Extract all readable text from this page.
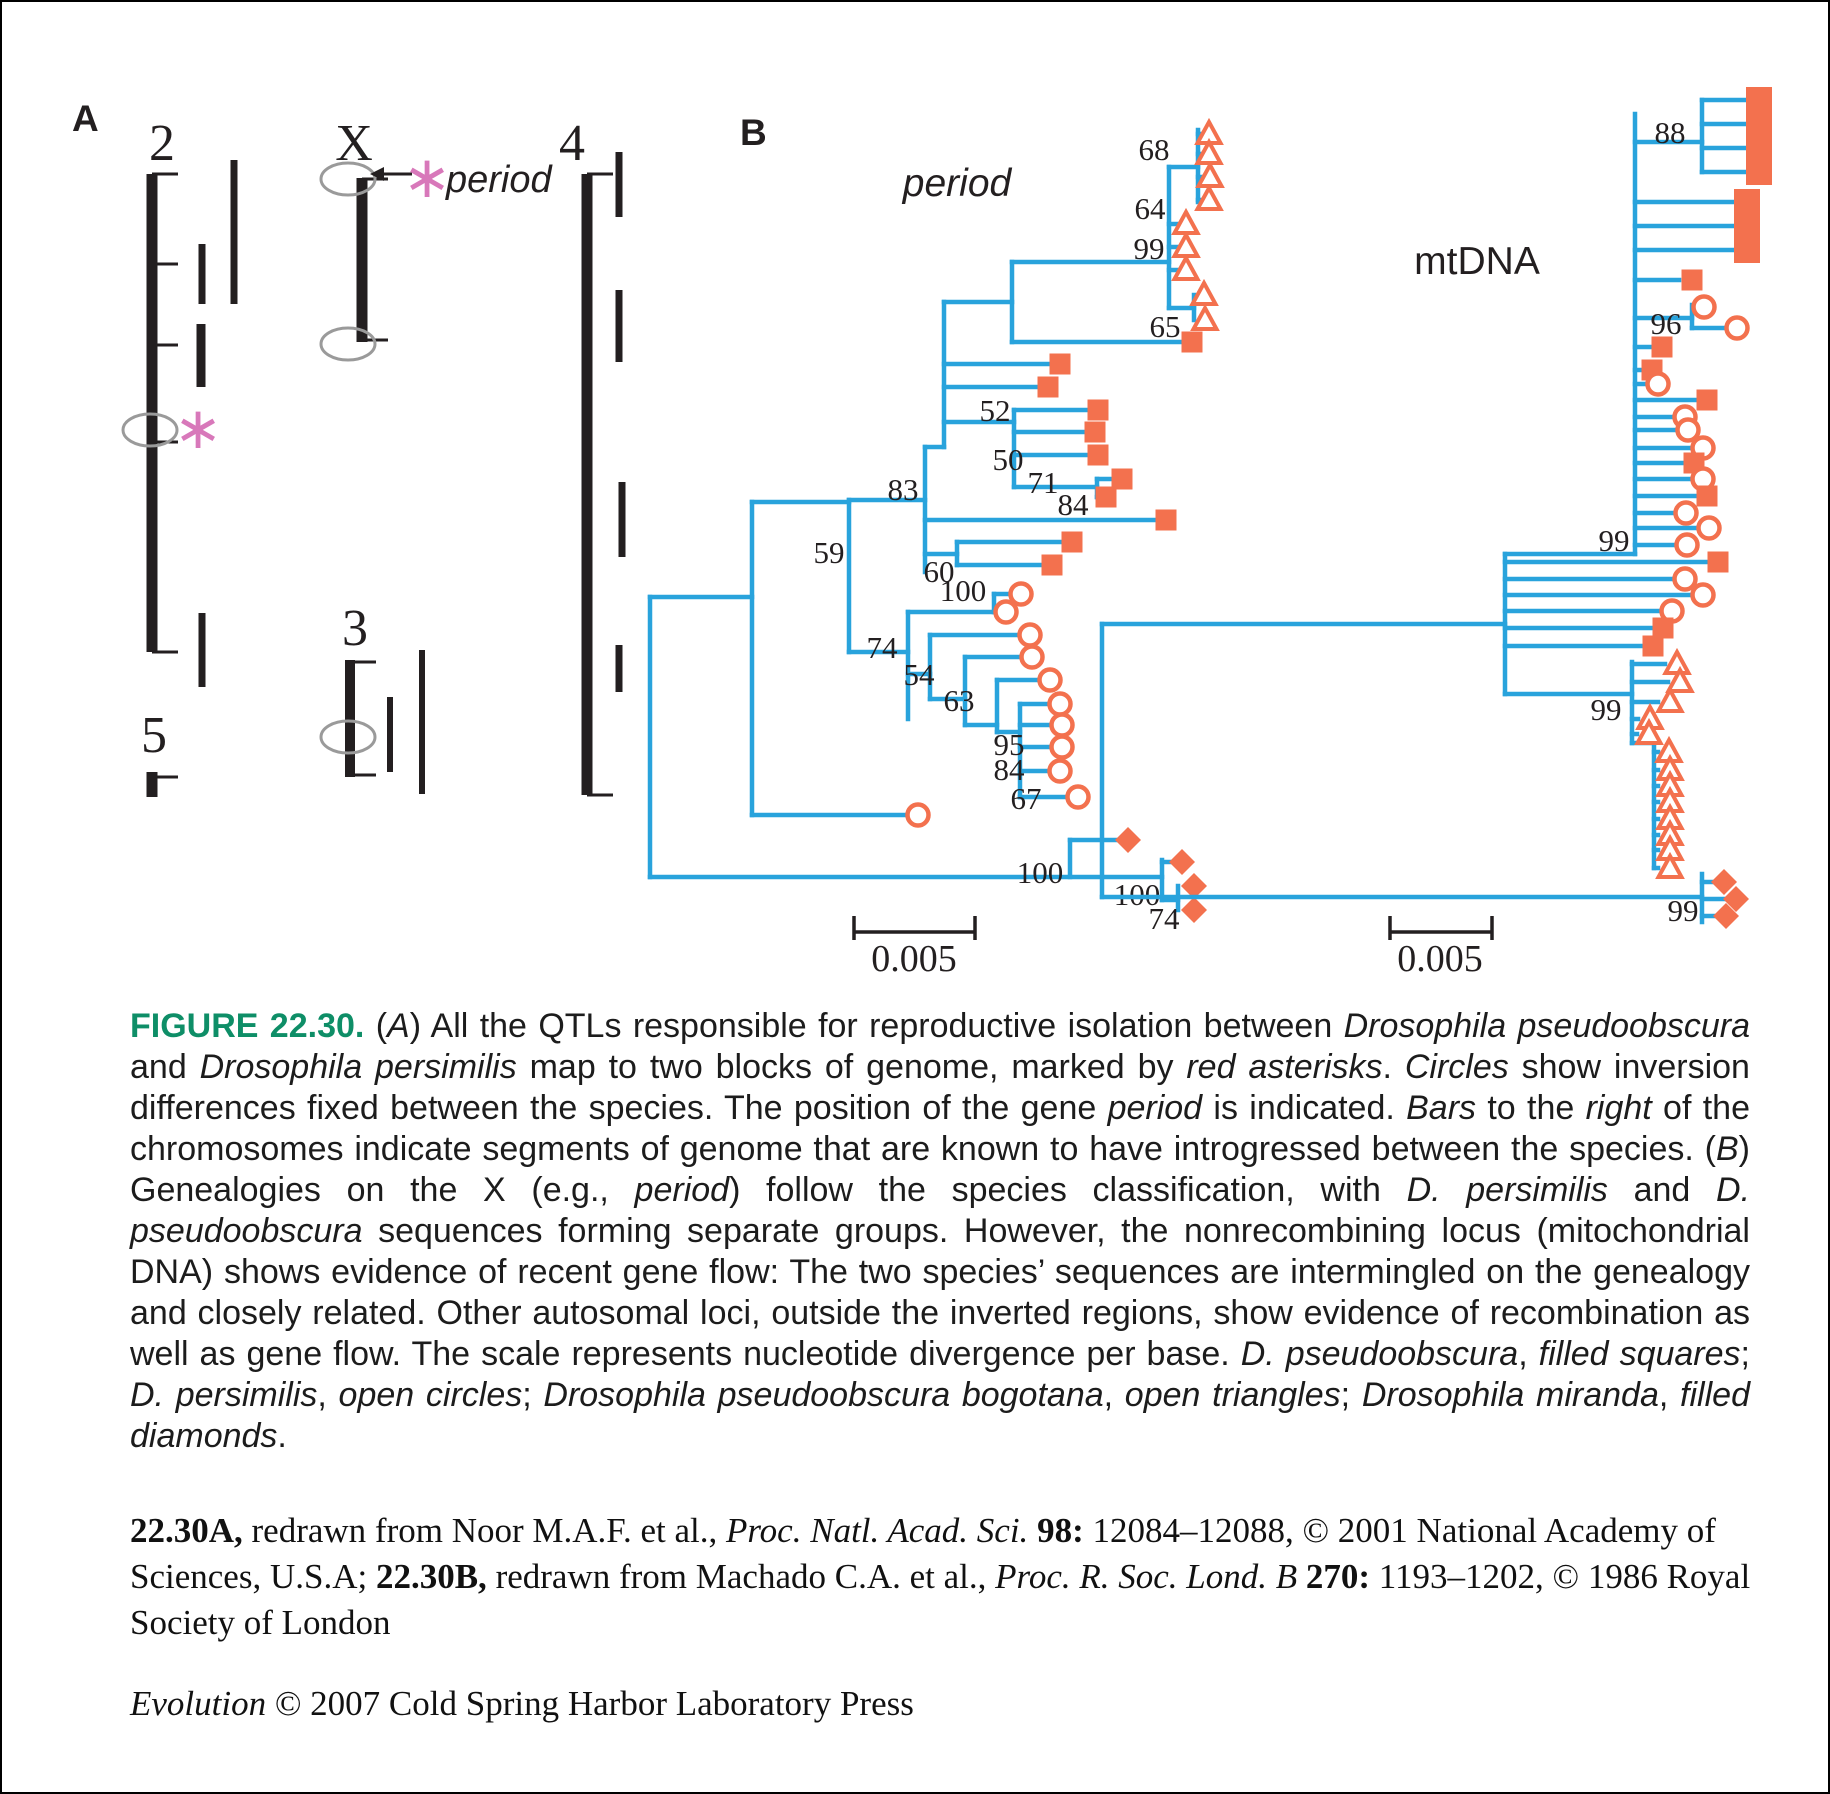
2
∗
X	4
3
5
∗
period
68
64
99
65
52
50
71
84
83
59
60
100
74
54
63
95
84
67
100
100
74
88
96
99
99
99
A	B
period
mtDNA
0.005	0.005
FIGURE 22.30. (A) All the QTLs responsible for reproductive isolation between Drosophila pseudoobscura and Drosophila persimilis map to two blocks of genome, marked by red asterisks. Circles show inversion differences fixed between the species. The position of the gene period is indicated. Bars to the right of the chromosomes indicate segments of genome that are known to have introgressed between the species. (B) Genealogies on the X (e.g., period) follow the species classification, with D. persimilis and D. pseudoobscura sequences forming separate groups. However, the nonrecombining locus (mitochondrial DNA) shows evidence of recent gene flow: The two species’ sequences are intermingled on the genealogy and closely related. Other autosomal loci, outside the inverted regions, show evidence of recombination as well as gene flow. The scale represents nucleotide divergence per base. D. pseudoobscura, filled squares; D. persimilis, open circles; Drosophila pseudoobscura bogotana, open triangles; Drosophila miranda, filled diamonds.
22.30A, redrawn from Noor M.A.F. et al., Proc. Natl. Acad. Sci. 98: 12084–12088, © 2001 National Academy of Sciences, U.S.A; 22.30B, redrawn from Machado C.A. et al., Proc. R. Soc. Lond. B 270: 1193–1202, © 1986 Royal Society of London
Evolution © 2007 Cold Spring Harbor Laboratory Press
